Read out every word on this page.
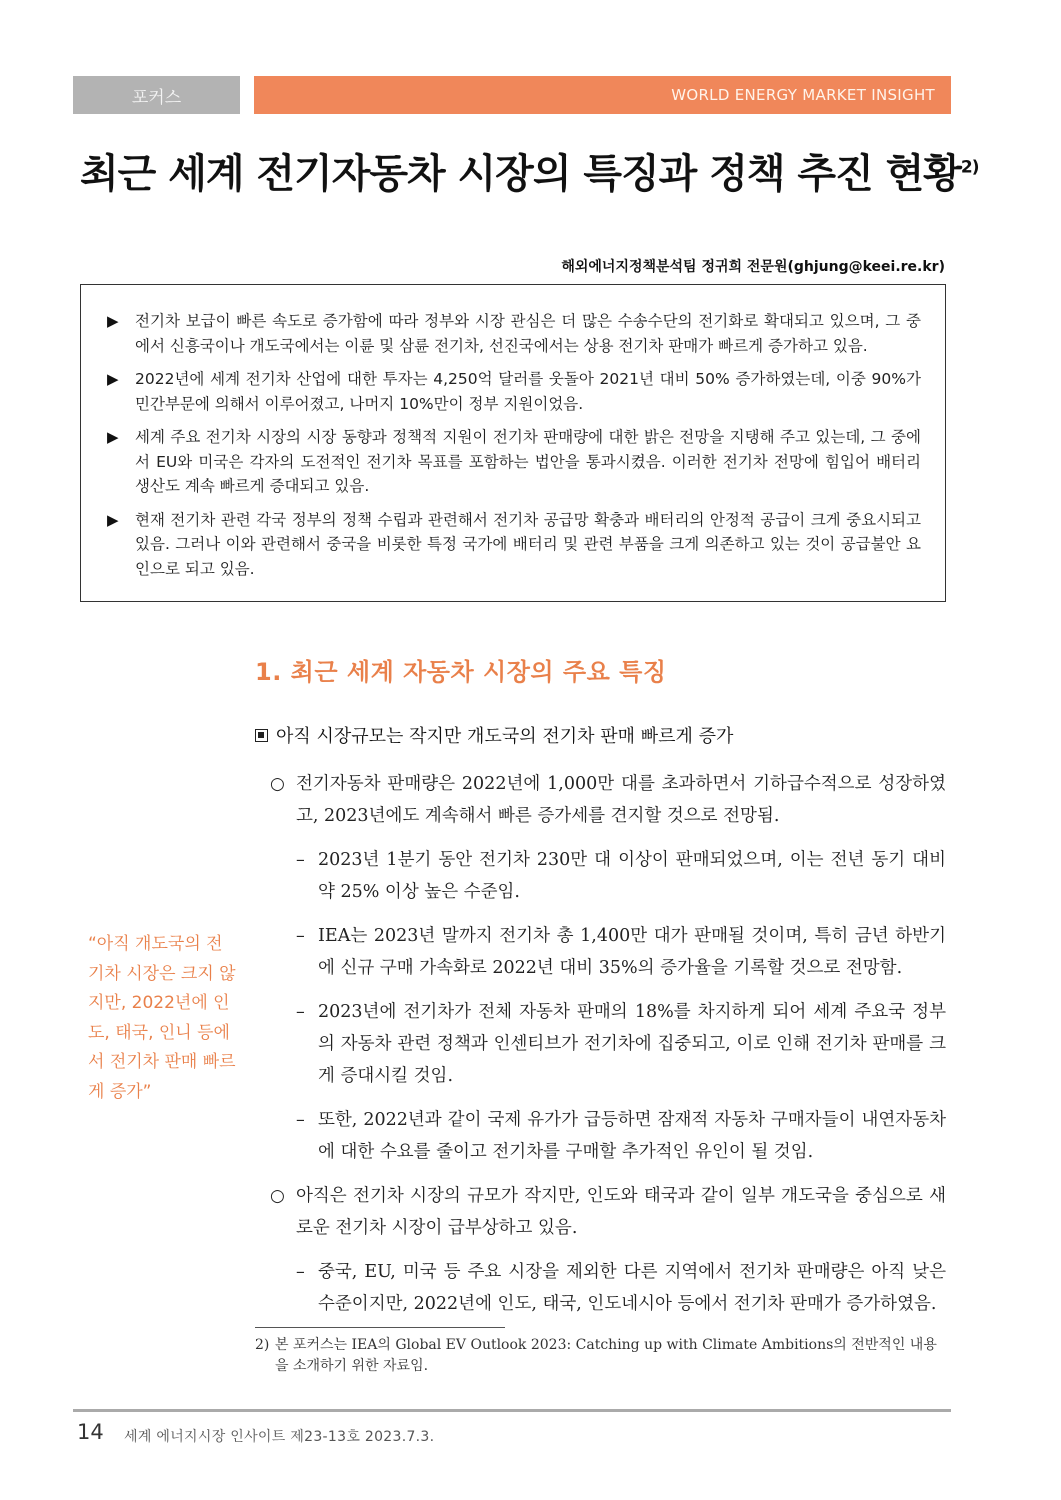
포커스	WORLD ENERGY MARKET INSIGHT
최근 세계 전기자동차 시장의 특징과 정책 추진 현황$^{2)}$
해외에너지정책분석팀 정귀희 전문원(ghjung@keei.re.kr)
▶	전기차 보급이 빠른 속도로 증가함에 따라 정부와 시장 관심은 더 많은 수송수단의 전기화로 확대되고 있으며, 그 중에서 신흥국이나 개도국에서는 이륜 및 삼륜 전기차, 선진국에서는 상용 전기차 판매가 빠르게 증가하고 있음.
▶	2022년에 세계 전기차 산업에 대한 투자는 4,250억 달러를 웃돌아 2021년 대비 50% 증가하였는데, 이중 90%가 민간부문에 의해서 이루어졌고, 나머지 10%만이 정부 지원이었음.
▶	세계 주요 전기차 시장의 시장 동향과 정책적 지원이 전기차 판매량에 대한 밝은 전망을 지탱해 주고 있는데, 그 중에서 EU와 미국은 각자의 도전적인 전기차 목표를 포함하는 법안을 통과시켰음. 이러한 전기차 전망에 힘입어 배터리 생산도 계속 빠르게 증대되고 있음.
▶	현재 전기차 관련 각국 정부의 정책 수립과 관련해서 전기차 공급망 확충과 배터리의 안정적 공급이 크게 중요시되고 있음. 그러나 이와 관련해서 중국을 비롯한 특정 국가에 배터리 및 관련 부품을 크게 의존하고 있는 것이 공급불안 요인으로 되고 있음.
1. 최근 세계 자동차 시장의 주요 특징
아직 시장규모는 작지만 개도국의 전기차 판매 빠르게 증가
○ 전기자동차 판매량은 2022년에 1,000만 대를 초과하면서 기하급수적으로 성장하였고, 2023년에도 계속해서 빠른 증가세를 견지할 것으로 전망됨.
– 2023년 1분기 동안 전기차 230만 대 이상이 판매되었으며, 이는 전년 동기 대비 약 25% 이상 높은 수준임.
– IEA는 2023년 말까지 전기차 총 1,400만 대가 판매될 것이며, 특히 금년 하반기에 신규 구매 가속화로 2022년 대비 35%의 증가율을 기록할 것으로 전망함.
– 2023년에 전기차가 전체 자동차 판매의 18%를 차지하게 되어 세계 주요국 정부의 자동차 관련 정책과 인센티브가 전기차에 집중되고, 이로 인해 전기차 판매를 크게 증대시킬 것임.
– 또한, 2022년과 같이 국제 유가가 급등하면 잠재적 자동차 구매자들이 내연자동차에 대한 수요를 줄이고 전기차를 구매할 추가적인 유인이 될 것임.
○ 아직은 전기차 시장의 규모가 작지만, 인도와 태국과 같이 일부 개도국을 중심으로 새로운 전기차 시장이 급부상하고 있음.
– 중국, EU, 미국 등 주요 시장을 제외한 다른 지역에서 전기차 판매량은 아직 낮은 수준이지만, 2022년에 인도, 태국, 인도네시아 등에서 전기차 판매가 증가하였음.
“아직 개도국의 전기차 시장은 크지 않지만, 2022년에 인도, 태국, 인니 등에서 전기차 판매 빠르게 증가”
2) 본 포커스는 IEA의 Global EV Outlook 2023: Catching up with Climate Ambitions의 전반적인 내용을 소개하기 위한 자료임.
14 세계 에너지시장 인사이트 제23-13호 2023.7.3.
